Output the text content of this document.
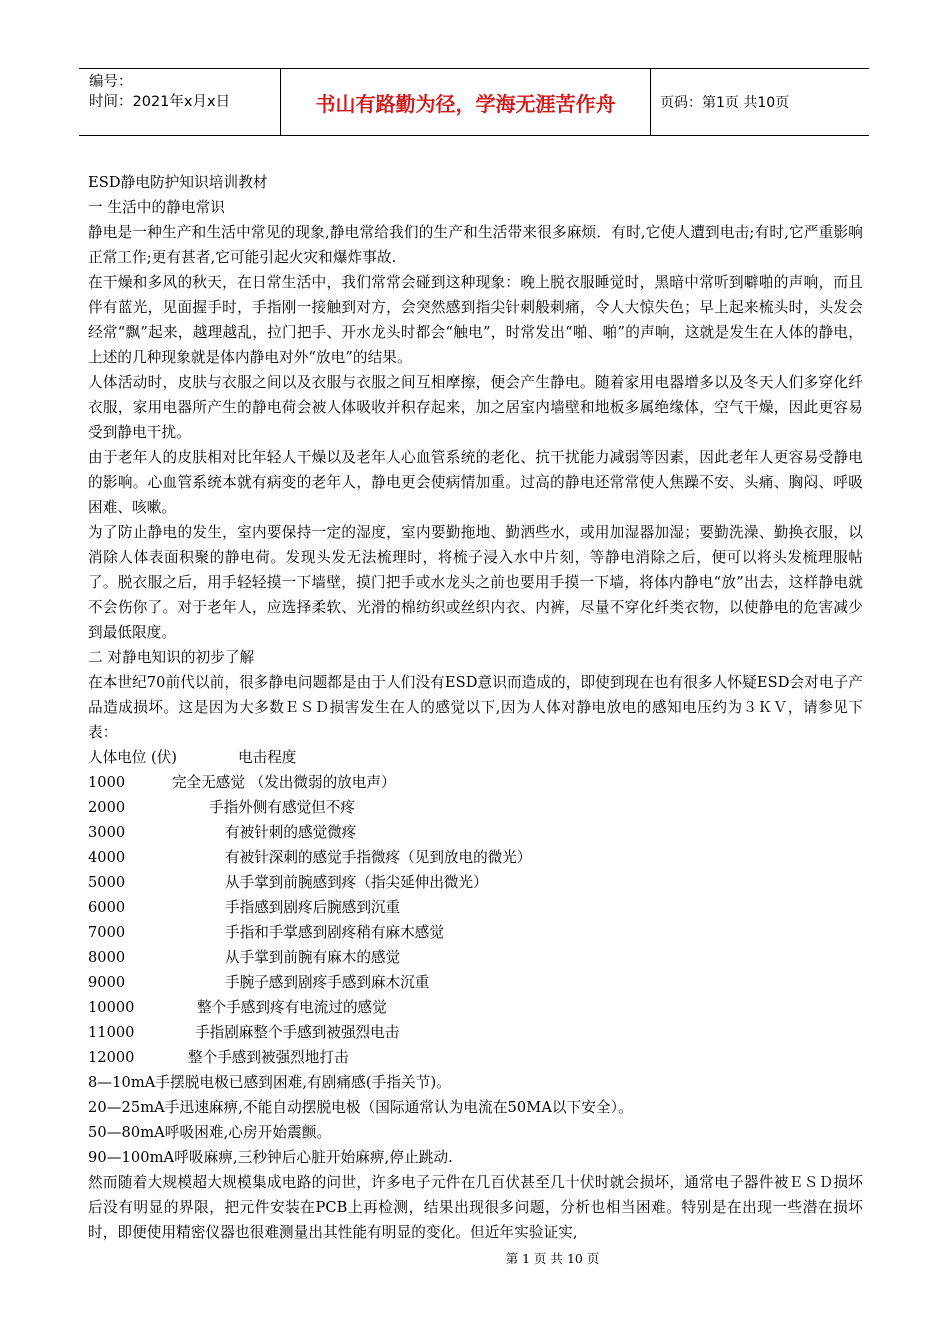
编号：
时间：2021年x月x日	书山有路勤为径，学海无涯苦作舟	页码：第1页 共10页

ESD静电防护知识培训教材

一 生活中的静电常识

静电是一种生产和生活中常见的现象,静电常给我们的生产和生活带来很多麻烦．有时,它使人遭到电击;有时,它严重影响正常工作;更有甚者,它可能引起火灾和爆炸事故.

在干燥和多风的秋天，在日常生活中，我们常常会碰到这种现象：晚上脱衣服睡觉时，黑暗中常听到噼啪的声响，而且伴有蓝光，见面握手时，手指刚一接触到对方，会突然感到指尖针刺般刺痛，令人大惊失色；早上起来梳头时，头发会经常“飘”起来，越理越乱，拉门把手、开水龙头时都会“触电”，时常发出“啪、啪”的声响，这就是发生在人体的静电，上述的几种现象就是体内静电对外“放电”的结果。

人体活动时，皮肤与衣服之间以及衣服与衣服之间互相摩擦，便会产生静电。随着家用电器增多以及冬天人们多穿化纤衣服，家用电器所产生的静电荷会被人体吸收并积存起来，加之居室内墙壁和地板多属绝缘体，空气干燥，因此更容易受到静电干扰。

由于老年人的皮肤相对比年轻人干燥以及老年人心血管系统的老化、抗干扰能力减弱等因素，因此老年人更容易受静电的影响。心血管系统本就有病变的老年人，静电更会使病情加重。过高的静电还常常使人焦躁不安、头痛、胸闷、呼吸困难、咳嗽。

为了防止静电的发生，室内要保持一定的湿度，室内要勤拖地、勤洒些水，或用加湿器加湿；要勤洗澡、勤换衣服，以消除人体表面积聚的静电荷。发现头发无法梳理时，将梳子浸入水中片刻，等静电消除之后，便可以将头发梳理服帖了。脱衣服之后，用手轻轻摸一下墙壁，摸门把手或水龙头之前也要用手摸一下墙，将体内静电“放”出去，这样静电就不会伤你了。对于老年人，应选择柔软、光滑的棉纺织或丝织内衣、内裤，尽量不穿化纤类衣物，以使静电的危害减少到最低限度。

二 对静电知识的初步了解

在本世纪70前代以前，很多静电问题都是由于人们没有ESD意识而造成的，即使到现在也有很多人怀疑ESD会对电子产品造成损坏。这是因为大多数ＥＳＤ损害发生在人的感觉以下,因为人体对静电放电的感知电压约为３ＫＶ，请参见下表：

人体电位 (伏)	电击程度
1000	完全无感觉 （发出微弱的放电声）
2000	手指外侧有感觉但不疼
3000	有被针刺的感觉微疼
4000	有被针深刺的感觉手指微疼（见到放电的微光）
5000	从手掌到前腕感到疼（指尖延伸出微光）
6000	手指感到剧疼后腕感到沉重
7000	手指和手掌感到剧疼稍有麻木感觉
8000	从手掌到前腕有麻木的感觉
9000	手腕子感到剧疼手感到麻木沉重
10000	整个手感到疼有电流过的感觉
11000	手指剧麻整个手感到被强烈电击
12000	整个手感到被强烈地打击

8—10mA手摆脱电极已感到困难,有剧痛感(手指关节)。

20—25mA手迅速麻痹,不能自动摆脱电极（国际通常认为电流在50MA以下安全）。

50—80mA呼吸困难,心房开始震颤。

90—100mA呼吸麻痹,三秒钟后心脏开始麻痹,停止跳动.

然而随着大规模超大规模集成电路的问世，许多电子元件在几百伏甚至几十伏时就会损坏，通常电子器件被ＥＳＤ损坏后没有明显的界限，把元件安装在PCB上再检测，结果出现很多问题，分析也相当困难。特别是在出现一些潜在损坏时，即便使用精密仪器也很难测量出其性能有明显的变化。但近年实验证实,

第 1 页 共 10 页
